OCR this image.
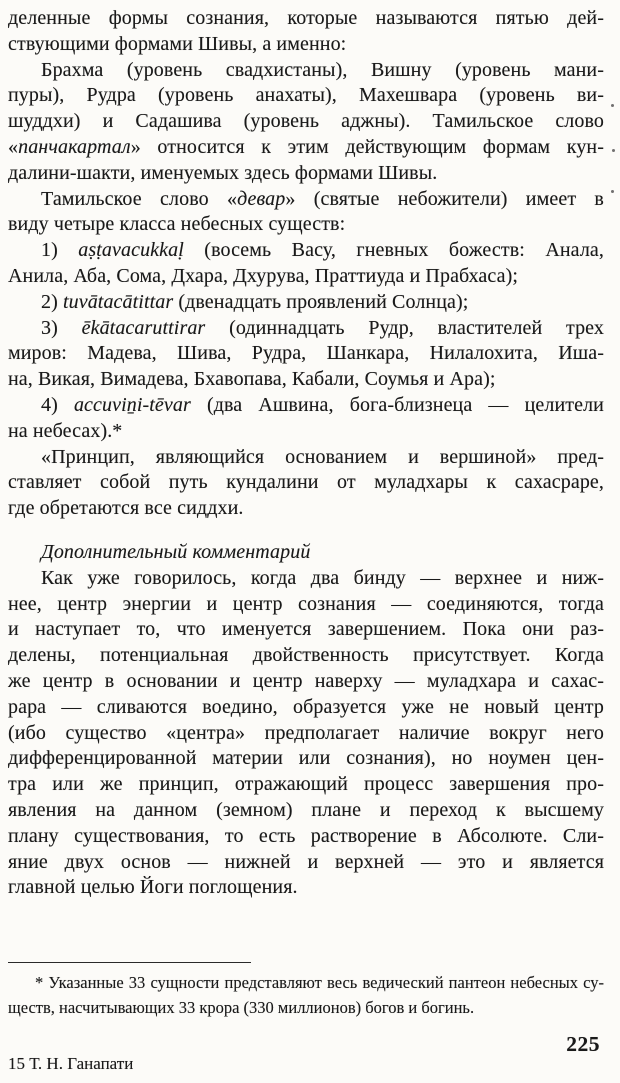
деленные формы сознания, которые называются пятью дей-
ствующими формами Шивы, а именно:
Брахма (уровень свадхистаны), Вишну (уровень мани-
пуры), Рудра (уровень анахаты), Махешвара (уровень ви-
шуддхи) и Садашива (уровень аджны). Тамильское слово
«панчакартал» относится к этим действующим формам кун-
далини-шакти, именуемых здесь формами Шивы.
Тамильское слово «девар» (святые небожители) имеет в
виду четыре класса небесных существ:
1) aṣṭavacukkaḷ (восемь Васу, гневных божеств: Анала,
Анила, Аба, Сома, Дхара, Дхурува, Праттиуда и Прабхаса);
2) tuvātacātittar (двенадцать проявлений Солнца);
3) ēkātacaruttirar (одиннадцать Рудр, властителей трех
миров: Мадева, Шива, Рудра, Шанкара, Нилалохита, Иша-
на, Викая, Вимадева, Бхавопава, Кабали, Соумья и Ара);
4) accuviṉi-tēvar (два Ашвина, бога-близнеца — целители
на небесах).*
«Принцип, являющийся основанием и вершиной» пред-
ставляет собой путь кундалини от муладхары к сахасраре,
где обретаются все сиддхи.
Дополнительный комментарий
Как уже говорилось, когда два бинду — верхнее и ниж-
нее, центр энергии и центр сознания — соединяются, тогда
и наступает то, что именуется завершением. Пока они раз-
делены, потенциальная двойственность присутствует. Когда
же центр в основании и центр наверху — муладхара и сахас-
рара — сливаются воедино, образуется уже не новый центр
(ибо существо «центра» предполагает наличие вокруг него
дифференцированной материи или сознания), но ноумен цен-
тра или же принцип, отражающий процесс завершения про-
явления на данном (земном) плане и переход к высшему
плану существования, то есть растворение в Абсолюте. Сли-
яние двух основ — нижней и верхней — это и является
главной целью Йоги поглощения.
* Указанные 33 сущности представляют весь ведический пантеон небесных су-
ществ, насчитывающих 33 крора (330 миллионов) богов и богинь.
225
15 Т. Н. Ганапати
